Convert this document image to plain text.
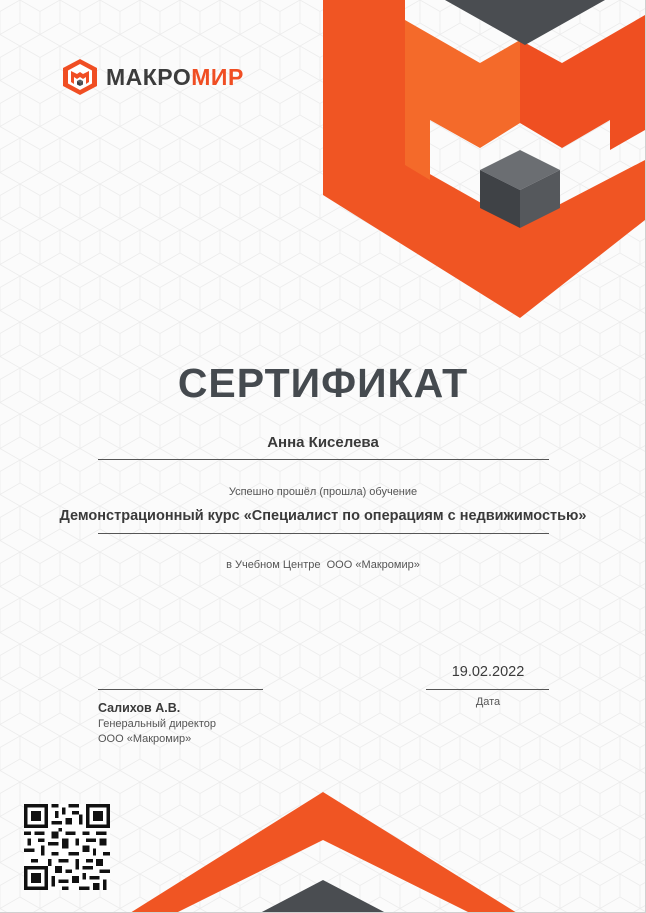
МАКРОМИР
СЕРТИФИКАТ
Анна Киселева
Успешно прошёл (прошла) обучение
Демонстрационный курс «Специалист по операциям с недвижимостью»
в Учебном Центре  ООО «Макромир»
19.02.2022
Дата
Салихов А.В.
Генеральный директор
ООО «Макромир»
